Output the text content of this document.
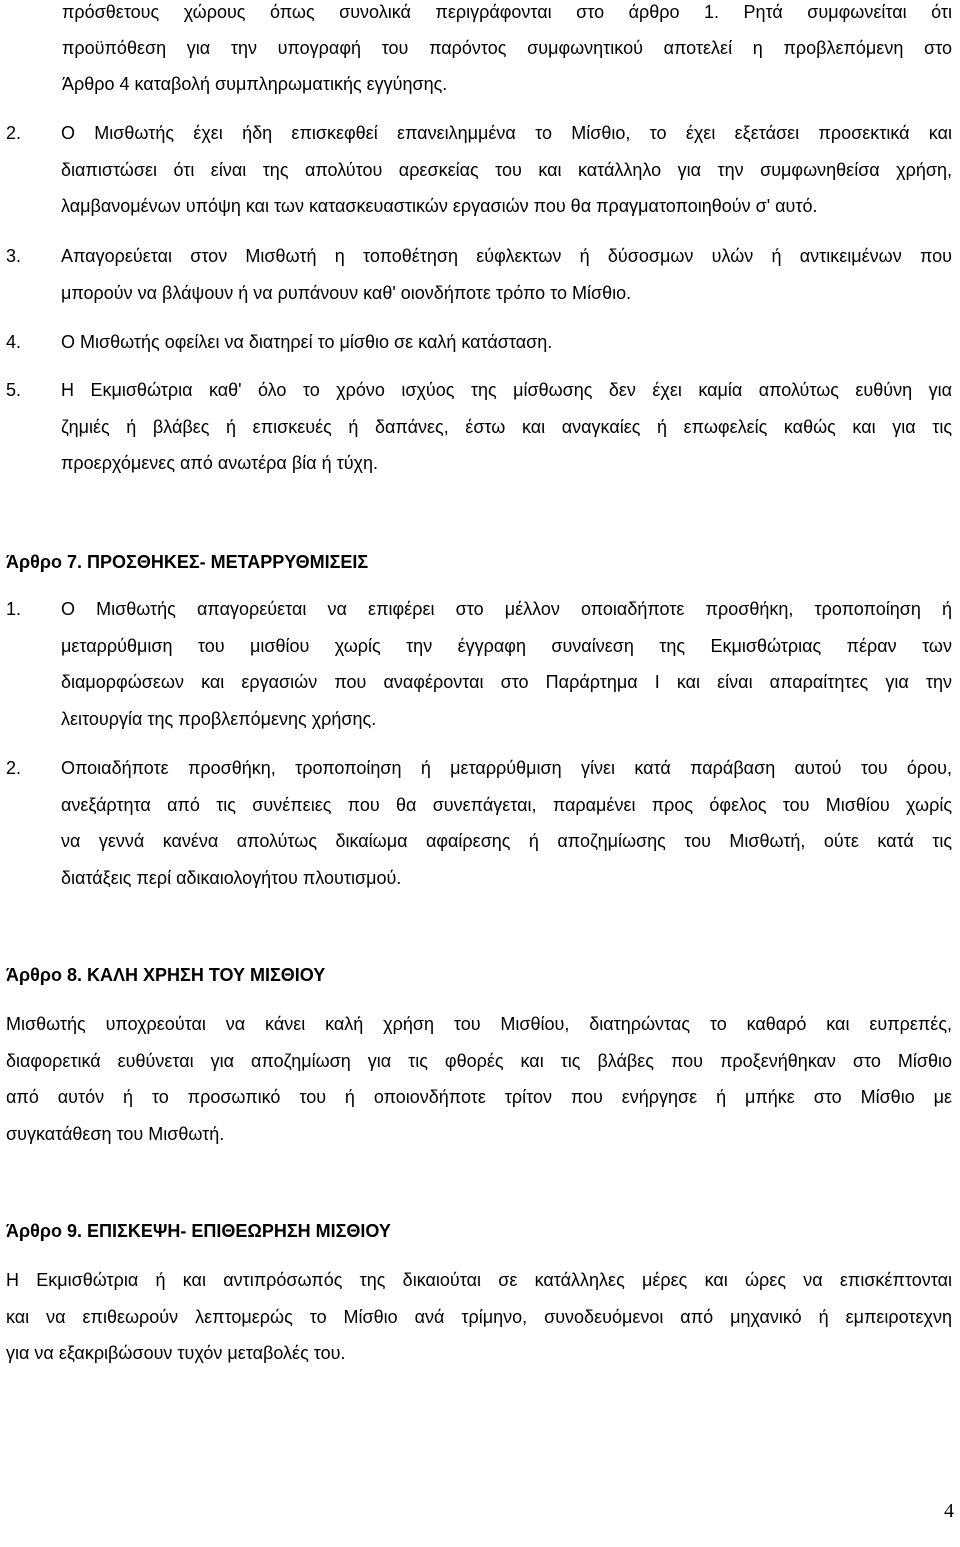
πρόσθετους χώρους όπως συνολικά περιγράφονται στο άρθρο 1. Ρητά συμφωνείται ότι

προϋπόθεση για την υπογραφή του παρόντος συμφωνητικού αποτελεί η προβλεπόμενη στο

Άρθρο 4 καταβολή συμπληρωματικής εγγύησης.

2. Ο Μισθωτής έχει ήδη επισκεφθεί επανειλημμένα το Μίσθιο, το έχει εξετάσει προσεκτικά και
διαπιστώσει ότι είναι της απολύτου αρεσκείας του και κατάλληλο για την συμφωνηθείσα χρήση,
λαμβανομένων υπόψη και των κατασκευαστικών εργασιών που θα πραγματοποιηθούν σ' αυτό.
3. Απαγορεύεται στον Μισθωτή η τοποθέτηση εύφλεκτων ή δύσοσμων υλών ή αντικειμένων που
μπορούν να βλάψουν ή να ρυπάνουν καθ' οιονδήποτε τρόπο το Μίσθιο.
4. Ο Μισθωτής οφείλει να διατηρεί το μίσθιο σε καλή κατάσταση.
5. Η Εκμισθώτρια καθ' όλο το χρόνο ισχύος της μίσθωσης δεν έχει καμία απολύτως ευθύνη για
ζημιές ή βλάβες ή επισκευές ή δαπάνες, έστω και αναγκαίες ή επωφελείς καθώς και για τις
προερχόμενες από ανωτέρα βία ή τύχη.
Άρθρο 7. ΠΡΟΣΘΗΚΕΣ- ΜΕΤΑΡΡΥΘΜΙΣΕΙΣ
1. Ο Μισθωτής απαγορεύεται να επιφέρει στο μέλλον οποιαδήποτε προσθήκη, τροποποίηση ή
μεταρρύθμιση του μισθίου χωρίς την έγγραφη συναίνεση της Εκμισθώτριας πέραν των
διαμορφώσεων και εργασιών που αναφέρονται στο Παράρτημα Ι και είναι απαραίτητες για την
λειτουργία της προβλεπόμενης χρήσης.
2. Οποιαδήποτε προσθήκη, τροποποίηση ή μεταρρύθμιση γίνει κατά παράβαση αυτού του όρου,
ανεξάρτητα από τις συνέπειες που θα συνεπάγεται, παραμένει προς όφελος του Μισθίου χωρίς
να γεννά κανένα απολύτως δικαίωμα αφαίρεσης ή αποζημίωσης του Μισθωτή, ούτε κατά τις
διατάξεις περί αδικαιολογήτου πλουτισμού.
Άρθρο 8. ΚΑΛΗ ΧΡΗΣΗ ΤΟΥ ΜΙΣΘΙΟΥ
Μισθωτής υποχρεούται να κάνει καλή χρήση του Μισθίου, διατηρώντας το καθαρό και ευπρεπές,
διαφορετικά ευθύνεται για αποζημίωση για τις φθορές και τις βλάβες που προξενήθηκαν στο Μίσθιο
από αυτόν ή το προσωπικό του ή οποιονδήποτε τρίτον που ενήργησε ή μπήκε στο Μίσθιο με
συγκατάθεση του Μισθωτή.
Άρθρο 9. ΕΠΙΣΚΕΨΗ- ΕΠΙΘΕΩΡΗΣΗ ΜΙΣΘΙΟΥ
Η Εκμισθώτρια ή και αντιπρόσωπός της δικαιούται σε κατάλληλες μέρες και ώρες να επισκέπτονται
και να επιθεωρούν λεπτομερώς το Μίσθιο ανά τρίμηνο, συνοδευόμενοι από μηχανικό ή εμπειροτεχνη
για να εξακριβώσουν τυχόν μεταβολές του.
4
